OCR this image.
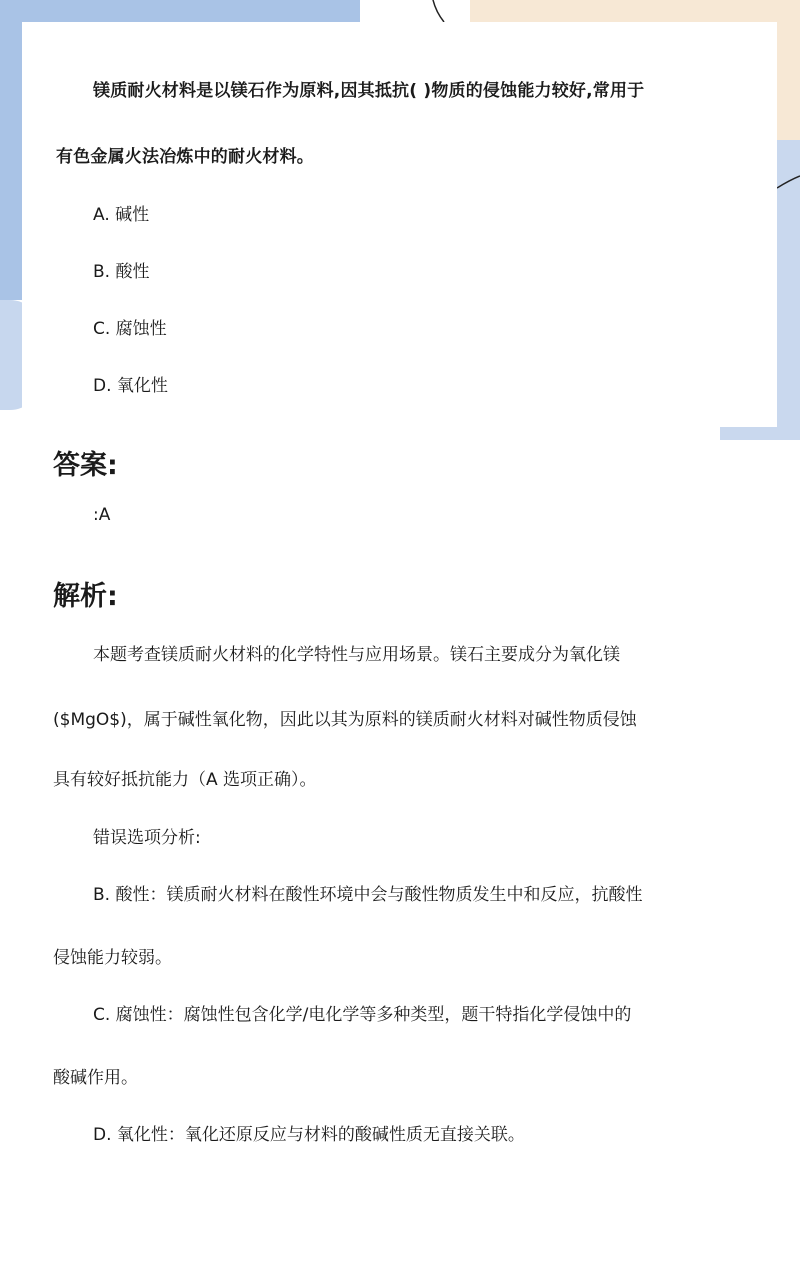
镁质耐火材料是以镁石作为原料,因其抵抗( )物质的侵蚀能力较好,常用于
有色金属火法冶炼中的耐火材料。
A. 碱性
B. 酸性
C. 腐蚀性
D. 氧化性
答案:
:A
解析:
本题考查镁质耐火材料的化学特性与应用场景。镁石主要成分为氧化镁
($MgO$)，属于碱性氧化物，因此以其为原料的镁质耐火材料对碱性物质侵蚀
具有较好抵抗能力（A 选项正确）。
错误选项分析:
B. 酸性：镁质耐火材料在酸性环境中会与酸性物质发生中和反应，抗酸性
侵蚀能力较弱。
C. 腐蚀性：腐蚀性包含化学/电化学等多种类型，题干特指化学侵蚀中的
酸碱作用。
D. 氧化性：氧化还原反应与材料的酸碱性质无直接关联。
